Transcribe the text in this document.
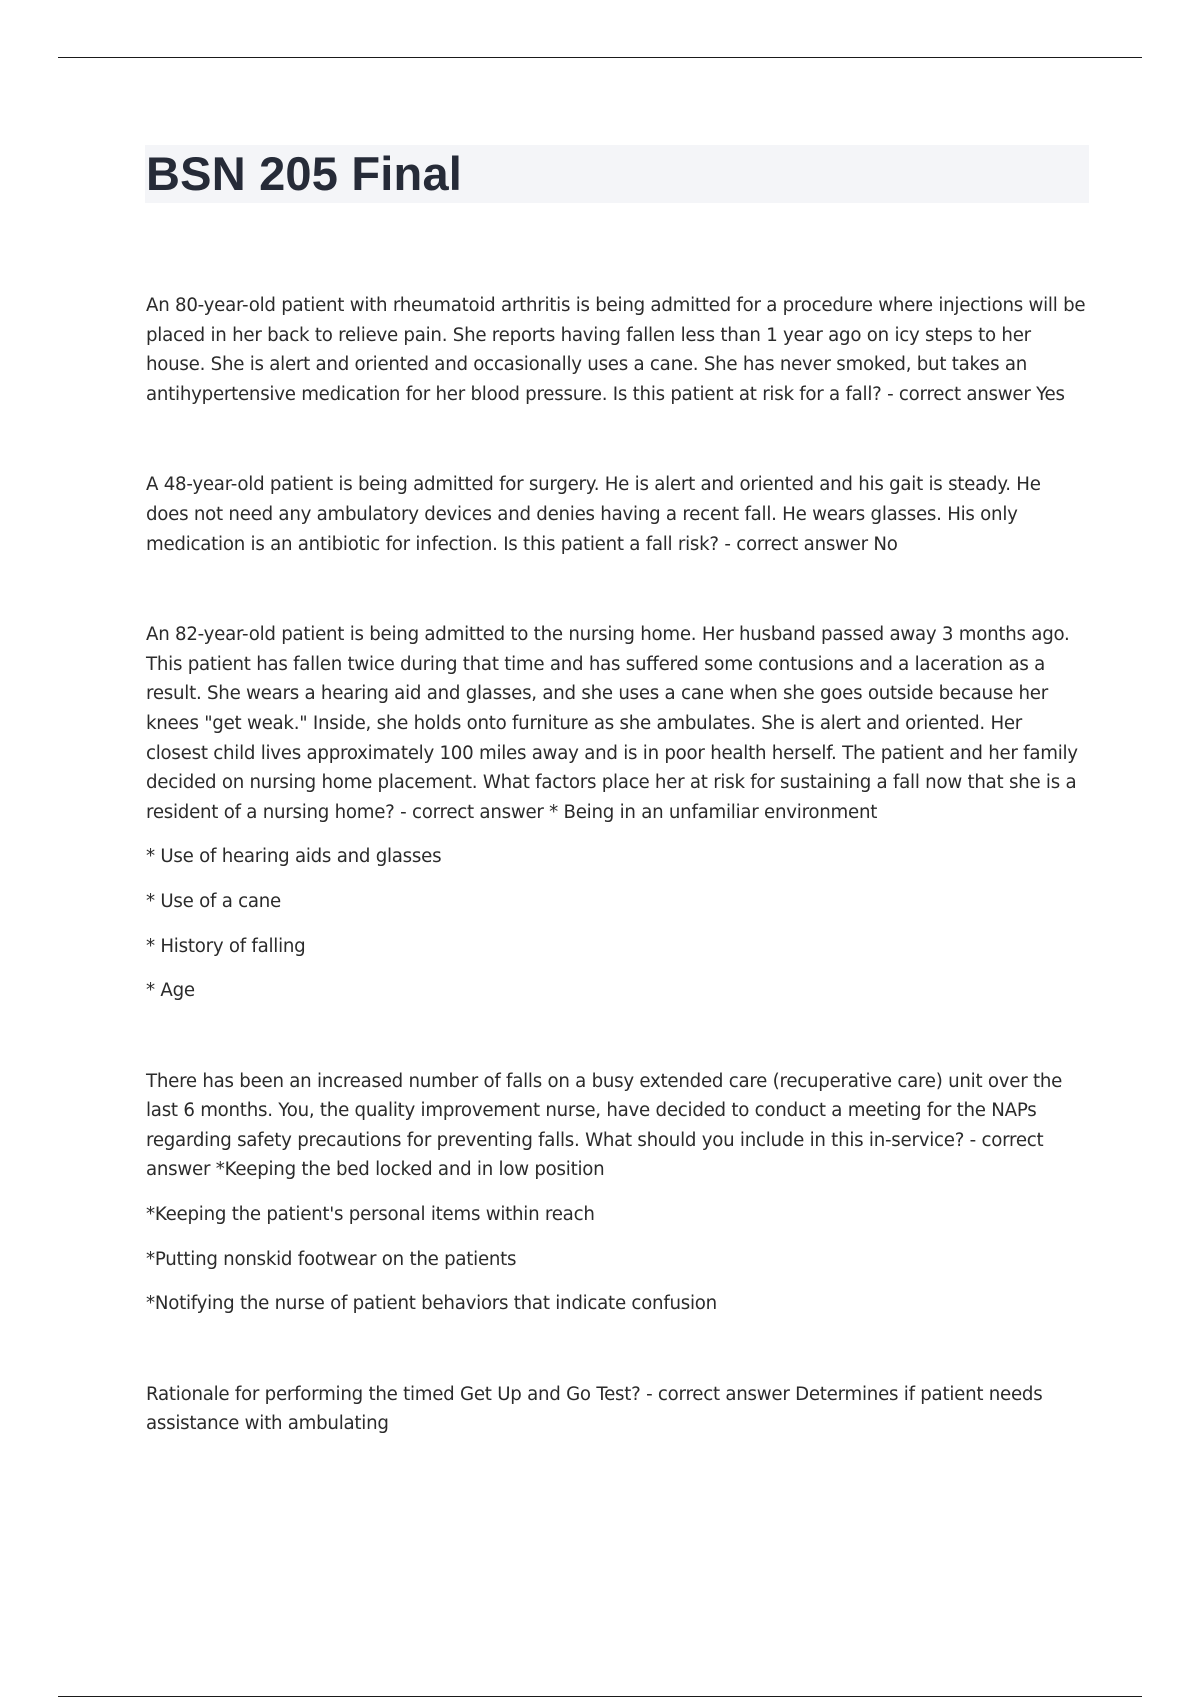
BSN 205 Final

An 80-year-old patient with rheumatoid arthritis is being admitted for a procedure where injections will be placed in her back to relieve pain. She reports having fallen less than 1 year ago on icy steps to her house. She is alert and oriented and occasionally uses a cane. She has never smoked, but takes an antihypertensive medication for her blood pressure. Is this patient at risk for a fall? - correct answer Yes

A 48-year-old patient is being admitted for surgery. He is alert and oriented and his gait is steady. He does not need any ambulatory devices and denies having a recent fall. He wears glasses. His only medication is an antibiotic for infection. Is this patient a fall risk? - correct answer No

An 82-year-old patient is being admitted to the nursing home. Her husband passed away 3 months ago. This patient has fallen twice during that time and has suffered some contusions and a laceration as a result. She wears a hearing aid and glasses, and she uses a cane when she goes outside because her knees "get weak." Inside, she holds onto furniture as she ambulates. She is alert and oriented. Her closest child lives approximately 100 miles away and is in poor health herself. The patient and her family decided on nursing home placement. What factors place her at risk for sustaining a fall now that she is a resident of a nursing home? - correct answer * Being in an unfamiliar environment

* Use of hearing aids and glasses

* Use of a cane

* History of falling

* Age

There has been an increased number of falls on a busy extended care (recuperative care) unit over the last 6 months. You, the quality improvement nurse, have decided to conduct a meeting for the NAPs regarding safety precautions for preventing falls. What should you include in this in-service? - correct answer *Keeping the bed locked and in low position

*Keeping the patient's personal items within reach

*Putting nonskid footwear on the patients

*Notifying the nurse of patient behaviors that indicate confusion

Rationale for performing the timed Get Up and Go Test? - correct answer Determines if patient needs assistance with ambulating
